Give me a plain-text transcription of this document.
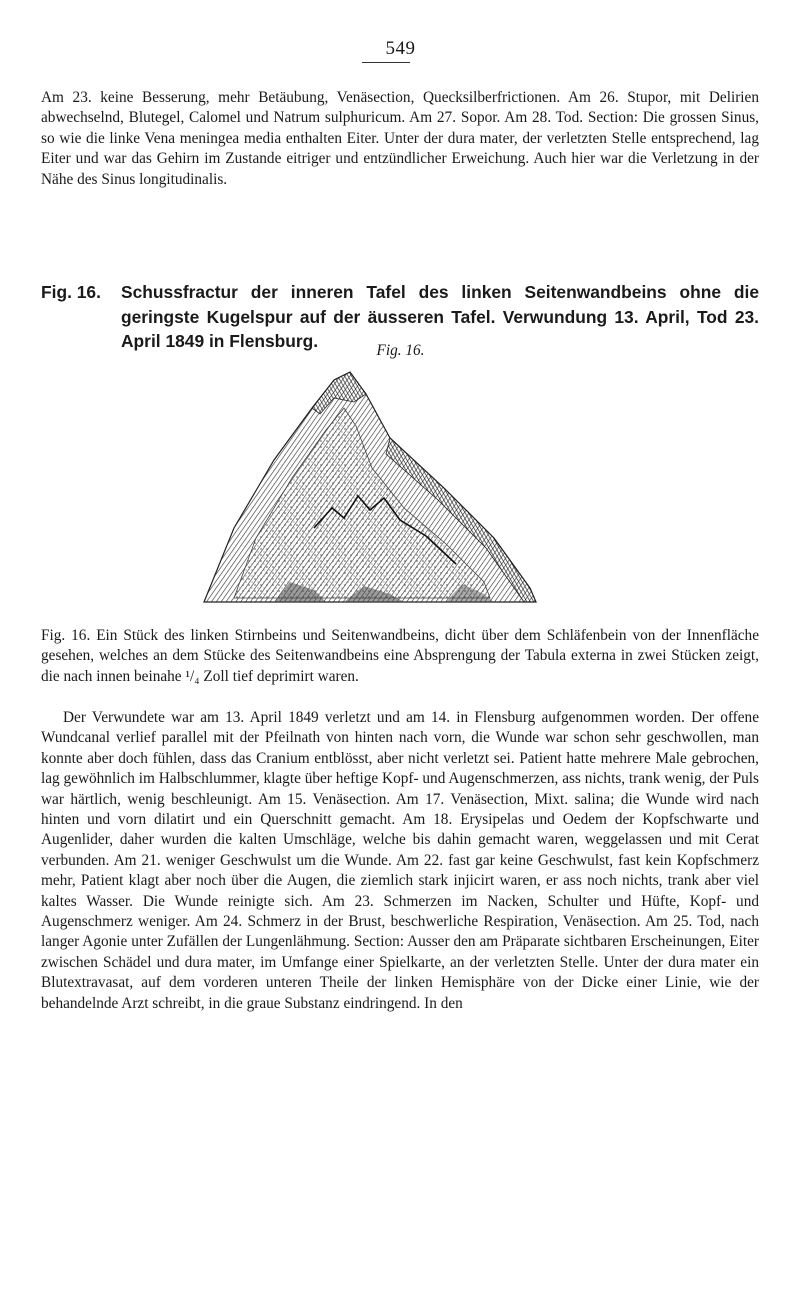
549

Am 23. keine Besserung, mehr Betäubung, Venäsection, Quecksilberfrictionen. Am 26. Stupor, mit Delirien abwechselnd, Blutegel, Calomel und Natrum sulphuricum. Am 27. Sopor. Am 28. Tod. Section: Die grossen Sinus, so wie die linke Vena meningea media enthalten Eiter. Unter der dura mater, der verletzten Stelle entsprechend, lag Eiter und war das Gehirn im Zustande eitriger und entzündlicher Erweichung. Auch hier war die Verletzung in der Nähe des Sinus longitudinalis.

Fig. 16.	Schussfractur der inneren Tafel des linken Seitenwandbeins ohne die geringste Kugelspur auf der äusseren Tafel. Verwundung 13. April, Tod 23. April 1849 in Flensburg.	Fig. 16.

Fig. 16. Ein Stück des linken Stirnbeins und Seitenwandbeins, dicht über dem Schläfenbein von der Innenfläche gesehen, welches an dem Stücke des Seitenwandbeins eine Absprengung der Tabula externa in zwei Stücken zeigt, die nach innen beinahe ¹/₄ Zoll tief deprimirt waren.

Der Verwundete war am 13. April 1849 verletzt und am 14. in Flensburg aufgenommen worden. Der offene Wundcanal verlief parallel mit der Pfeilnath von hinten nach vorn, die Wunde war schon sehr geschwollen, man konnte aber doch fühlen, dass das Cranium entblösst, aber nicht verletzt sei. Patient hatte mehrere Male gebrochen, lag gewöhnlich im Halbschlummer, klagte über heftige Kopf- und Augenschmerzen, ass nichts, trank wenig, der Puls war härtlich, wenig beschleunigt. Am 15. Venäsection. Am 17. Venäsection, Mixt. salina; die Wunde wird nach hinten und vorn dilatirt und ein Querschnitt gemacht. Am 18. Erysipelas und Oedem der Kopfschwarte und Augenlider, daher wurden die kalten Umschläge, welche bis dahin gemacht waren, weggelassen und mit Cerat verbunden. Am 21. weniger Geschwulst um die Wunde. Am 22. fast gar keine Geschwulst, fast kein Kopfschmerz mehr, Patient klagt aber noch über die Augen, die ziemlich stark injicirt waren, er ass noch nichts, trank aber viel kaltes Wasser. Die Wunde reinigte sich. Am 23. Schmerzen im Nacken, Schulter und Hüfte, Kopf- und Augenschmerz weniger. Am 24. Schmerz in der Brust, beschwerliche Respiration, Venäsection. Am 25. Tod, nach langer Agonie unter Zufällen der Lungenlähmung. Section: Ausser den am Präparate sichtbaren Erscheinungen, Eiter zwischen Schädel und dura mater, im Umfange einer Spielkarte, an der verletzten Stelle. Unter der dura mater ein Blutextravasat, auf dem vorderen unteren Theile der linken Hemisphäre von der Dicke einer Linie, wie der behandelnde Arzt schreibt, in die graue Substanz eindringend. In den
